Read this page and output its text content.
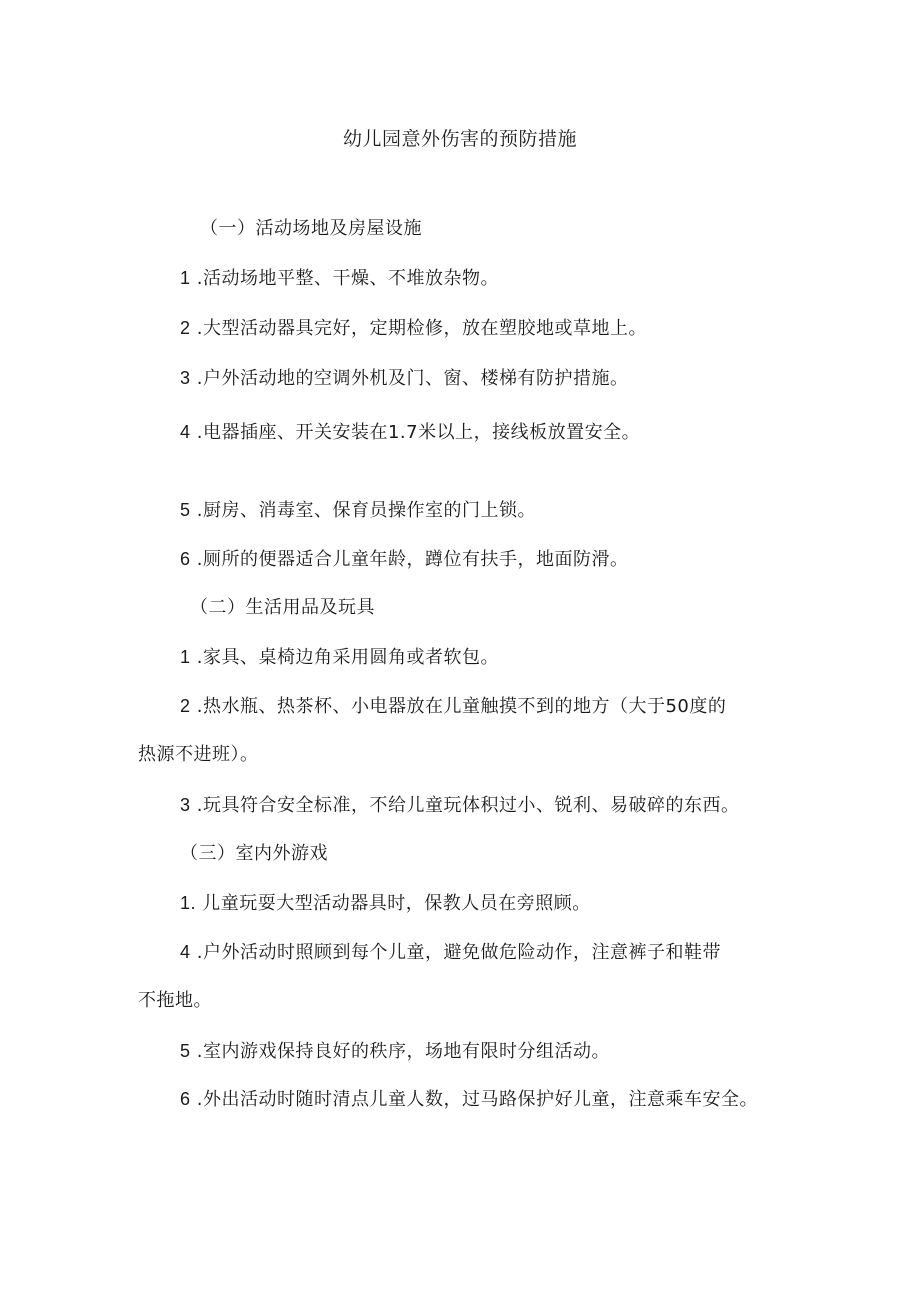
幼儿园意外伤害的预防措施
（一）活动场地及房屋设施
1 .活动场地平整、干燥、不堆放杂物。
2 .大型活动器具完好，定期检修，放在塑胶地或草地上。
3 .户外活动地的空调外机及门、窗、楼梯有防护措施。
4 .电器插座、开关安装在1.7米以上，接线板放置安全。
5 .厨房、消毒室、保育员操作室的门上锁。
6 .厕所的便器适合儿童年龄，蹲位有扶手，地面防滑。
（二）生活用品及玩具
1 .家具、桌椅边角采用圆角或者软包。
2 .热水瓶、热茶杯、小电器放在儿童触摸不到的地方（大于50度的
热源不进班）。
3 .玩具符合安全标准，不给儿童玩体积过小、锐利、易破碎的东西。
（三）室内外游戏
1. 儿童玩耍大型活动器具时，保教人员在旁照顾。
4 .户外活动时照顾到每个儿童，避免做危险动作，注意裤子和鞋带
不拖地。
5 .室内游戏保持良好的秩序，场地有限时分组活动。
6 .外出活动时随时清点儿童人数，过马路保护好儿童，注意乘车安全。
